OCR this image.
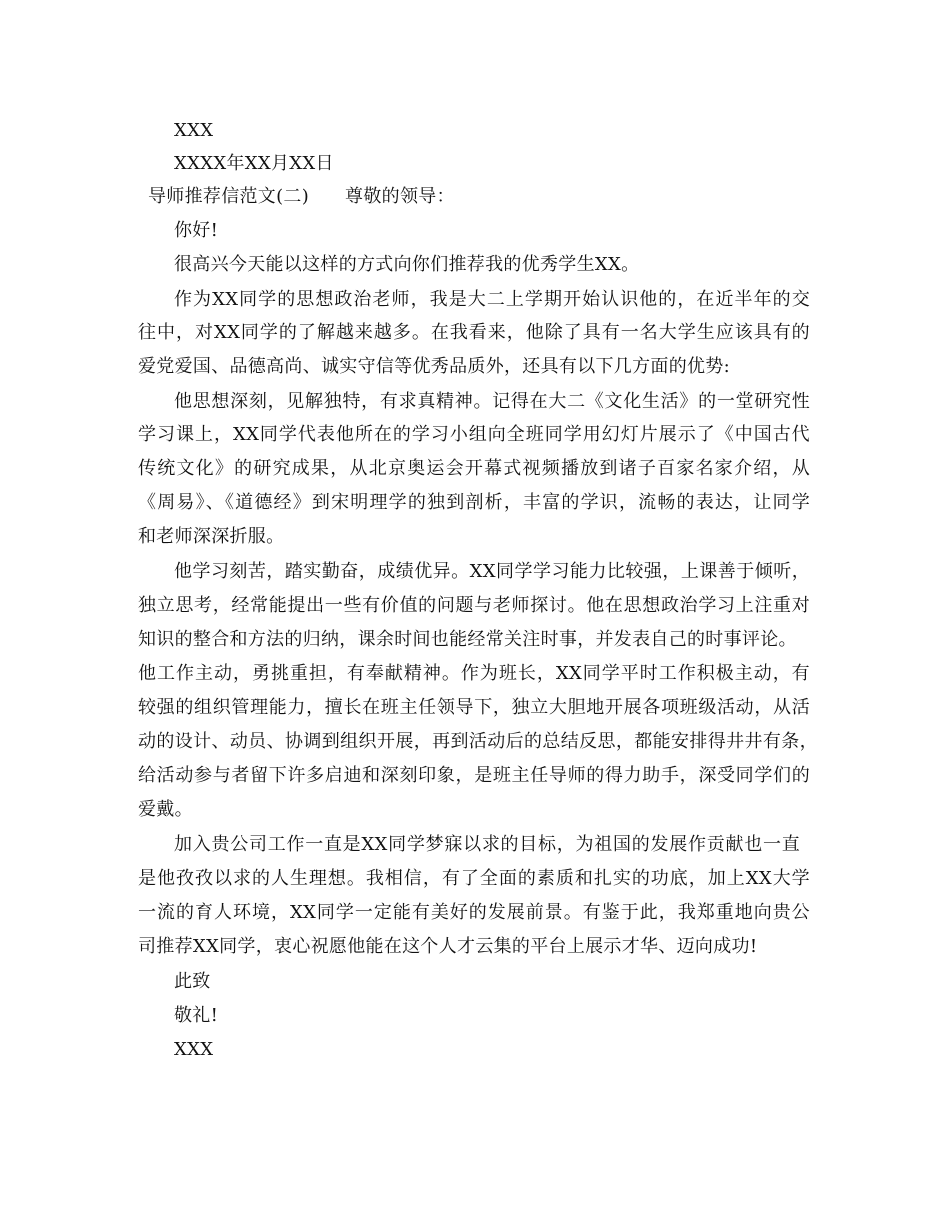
XXX
XXXX年XX月XX日
导师推荐信范文(二) 尊敬的领导：
你好!
很高兴今天能以这样的方式向你们推荐我的优秀学生XX。
作为XX同学的思想政治老师，我是大二上学期开始认识他的，在近半年的交
往中，对XX同学的了解越来越多。在我看来，他除了具有一名大学生应该具有的
爱党爱国、品德高尚、诚实守信等优秀品质外，还具有以下几方面的优势:
他思想深刻，见解独特，有求真精神。记得在大二《文化生活》的一堂研究性
学习课上，XX同学代表他所在的学习小组向全班同学用幻灯片展示了《中国古代
传统文化》的研究成果，从北京奥运会开幕式视频播放到诸子百家名家介绍，从
《周易》、《道德经》到宋明理学的独到剖析，丰富的学识，流畅的表达，让同学
和老师深深折服。
他学习刻苦，踏实勤奋，成绩优异。XX同学学习能力比较强，上课善于倾听，
独立思考，经常能提出一些有价值的问题与老师探讨。他在思想政治学习上注重对
知识的整合和方法的归纳，课余时间也能经常关注时事，并发表自己的时事评论。
他工作主动，勇挑重担，有奉献精神。作为班长，XX同学平时工作积极主动，有
较强的组织管理能力，擅长在班主任领导下，独立大胆地开展各项班级活动，从活
动的设计、动员、协调到组织开展，再到活动后的总结反思，都能安排得井井有条，
给活动参与者留下许多启迪和深刻印象，是班主任导师的得力助手，深受同学们的
爱戴。
加入贵公司工作一直是XX同学梦寐以求的目标，为祖国的发展作贡献也一直
是他孜孜以求的人生理想。我相信，有了全面的素质和扎实的功底，加上XX大学
一流的育人环境，XX同学一定能有美好的发展前景。有鉴于此，我郑重地向贵公
司推荐XX同学，衷心祝愿他能在这个人才云集的平台上展示才华、迈向成功!
此致
敬礼!
XXX
